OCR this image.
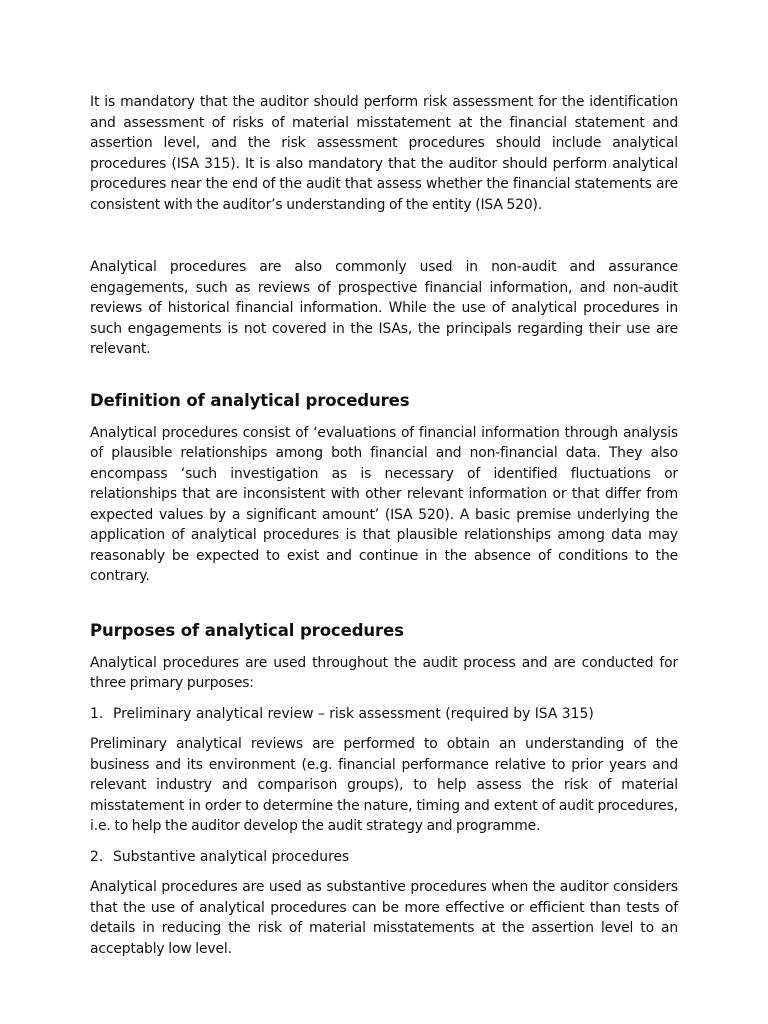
It is mandatory that the auditor should perform risk assessment for the identification and assessment of risks of material misstatement at the financial statement and assertion level, and the risk assessment procedures should include analytical procedures (ISA 315). It is also mandatory that the auditor should perform analytical procedures near the end of the audit that assess whether the financial statements are consistent with the auditor’s understanding of the entity (ISA 520).

Analytical procedures are also commonly used in non-audit and assurance engagements, such as reviews of prospective financial information, and non-audit reviews of historical financial information. While the use of analytical procedures in such engagements is not covered in the ISAs, the principals regarding their use are relevant.

Definition of analytical procedures

Analytical procedures consist of ‘evaluations of financial information through analysis of plausible relationships among both financial and non-financial data. They also encompass ‘such investigation as is necessary of identified fluctuations or relationships that are inconsistent with other relevant information or that differ from expected values by a significant amount’ (ISA 520). A basic premise underlying the application of analytical procedures is that plausible relationships among data may reasonably be expected to exist and continue in the absence of conditions to the contrary.

Purposes of analytical procedures

Analytical procedures are used throughout the audit process and are conducted for three primary purposes:

1. Preliminary analytical review – risk assessment (required by ISA 315)

Preliminary analytical reviews are performed to obtain an understanding of the business and its environment (e.g. financial performance relative to prior years and relevant industry and comparison groups), to help assess the risk of material misstatement in order to determine the nature, timing and extent of audit procedures, i.e. to help the auditor develop the audit strategy and programme.

2. Substantive analytical procedures

Analytical procedures are used as substantive procedures when the auditor considers that the use of analytical procedures can be more effective or efficient than tests of details in reducing the risk of material misstatements at the assertion level to an acceptably low level.
